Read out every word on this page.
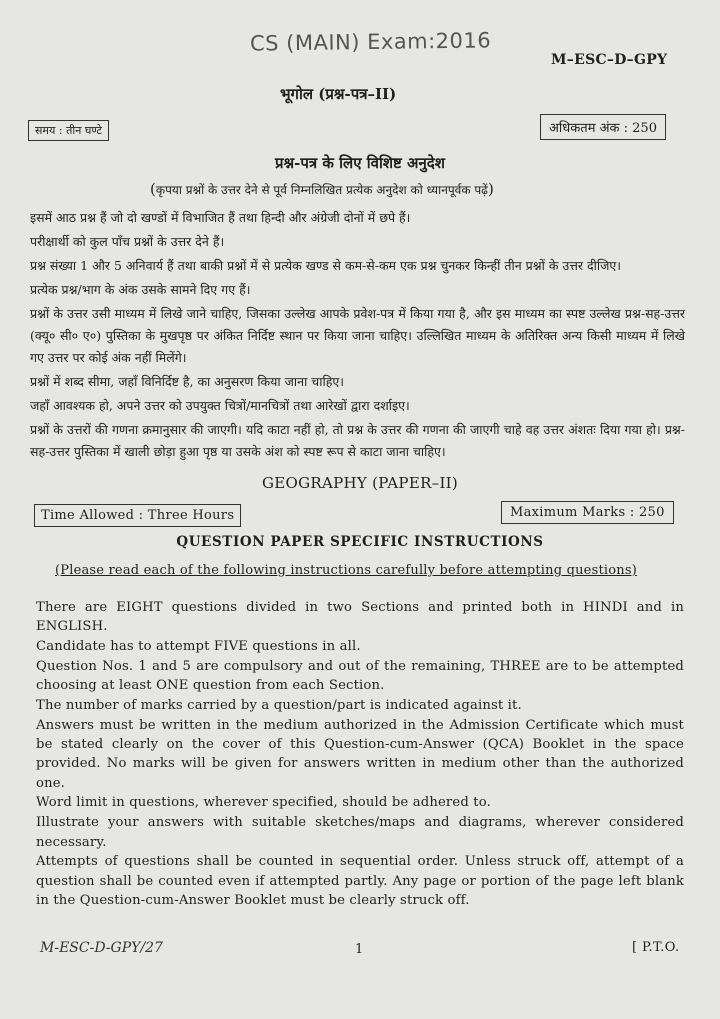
CS (MAIN) Exam:2016
M–ESC–D–GPY
भूगोल (प्रश्न-पत्र–II)
समय : तीन घण्टे	अधिकतम अंक : 250
प्रश्न-पत्र के लिए विशिष्ट अनुदेश
(कृपया प्रश्नों के उत्तर देने से पूर्व निम्नलिखित प्रत्येक अनुदेश को ध्यानपूर्वक पढ़ें)

इसमें आठ प्रश्न हैं जो दो खण्डों में विभाजित हैं तथा हिन्दी और अंग्रेजी दोनों में छपे हैं।

परीक्षार्थी को कुल पाँच प्रश्नों के उत्तर देने हैं।

प्रश्न संख्या 1 और 5 अनिवार्य हैं तथा बाकी प्रश्नों में से प्रत्येक खण्ड से कम-से-कम एक प्रश्न चुनकर किन्हीं तीन प्रश्नों के उत्तर दीजिए।

प्रत्येक प्रश्न/भाग के अंक उसके सामने दिए गए हैं।

प्रश्नों के उत्तर उसी माध्यम में लिखे जाने चाहिए, जिसका उल्लेख आपके प्रवेश-पत्र में किया गया है, और इस माध्यम का स्पष्ट उल्लेख प्रश्न-सह-उत्तर (क्यू० सी० ए०) पुस्तिका के मुखपृष्ठ पर अंकित निर्दिष्ट स्थान पर किया जाना चाहिए। उल्लिखित माध्यम के अतिरिक्त अन्य किसी माध्यम में लिखे गए उत्तर पर कोई अंक नहीं मिलेंगे।

प्रश्नों में शब्द सीमा, जहाँ विनिर्दिष्ट है, का अनुसरण किया जाना चाहिए।

जहाँ आवश्यक हो, अपने उत्तर को उपयुक्त चित्रों/मानचित्रों तथा आरेखों द्वारा दर्शाइए।

प्रश्नों के उत्तरों की गणना क्रमानुसार की जाएगी। यदि काटा नहीं हो, तो प्रश्न के उत्तर की गणना की जाएगी चाहे वह उत्तर अंशतः दिया गया हो। प्रश्न-सह-उत्तर पुस्तिका में खाली छोड़ा हुआ पृष्ठ या उसके अंश को स्पष्ट रूप से काटा जाना चाहिए।

GEOGRAPHY (PAPER–II)
Time Allowed : Three Hours	Maximum Marks : 250
QUESTION PAPER SPECIFIC INSTRUCTIONS
(Please read each of the following instructions carefully before attempting questions)

There are EIGHT questions divided in two Sections and printed both in HINDI and in ENGLISH.

Candidate has to attempt FIVE questions in all.

Question Nos. 1 and 5 are compulsory and out of the remaining, THREE are to be attempted choosing at least ONE question from each Section.

The number of marks carried by a question/part is indicated against it.

Answers must be written in the medium authorized in the Admission Certificate which must be stated clearly on the cover of this Question-cum-Answer (QCA) Booklet in the space provided. No marks will be given for answers written in medium other than the authorized one.

Word limit in questions, wherever specified, should be adhered to.

Illustrate your answers with suitable sketches/maps and diagrams, wherever considered necessary.

Attempts of questions shall be counted in sequential order. Unless struck off, attempt of a question shall be counted even if attempted partly. Any page or portion of the page left blank in the Question-cum-Answer Booklet must be clearly struck off.

M-ESC-D-GPY/27	1	[ P.T.O.
